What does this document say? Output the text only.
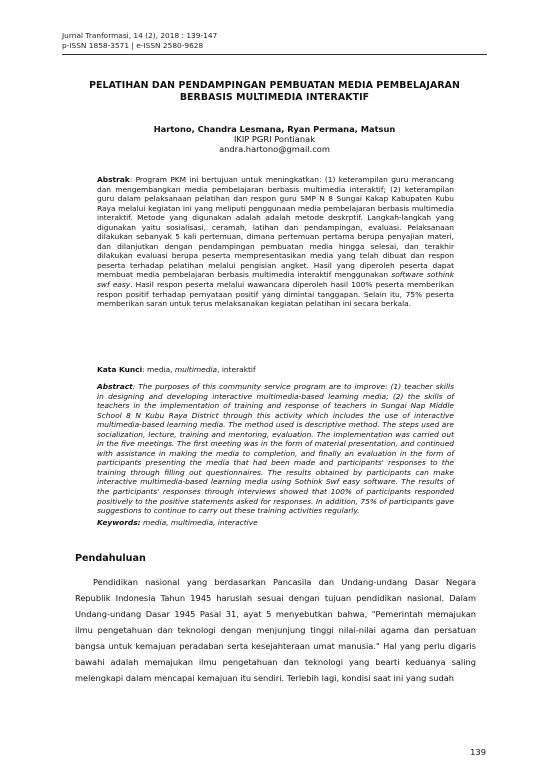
Jurnal Tranformasi, 14 (2), 2018 : 139-147
p-ISSN 1858-3571 | e-ISSN 2580-9628
PELATIHAN DAN PENDAMPINGAN PEMBUATAN MEDIA PEMBELAJARAN
BERBASIS MULTIMEDIA INTERAKTIF
Hartono, Chandra Lesmana, Ryan Permana, Matsun
IKIP PGRI Pontianak
andra.hartono@gmail.com
Abstrak: Program PKM ini bertujuan untuk meningkatkan: (1) keterampilan guru merancang dan mengembangkan media pembelajaran berbasis multimedia interaktif; (2) keterampilan guru dalam pelaksanaan pelatihan dan respon guru SMP N 8 Sungai Kakap Kabupaten Kubu Raya melalui kegiatan ini yang meliputi penggunaan media pembelajaran berbasis multimedia interaktif. Metode yang digunakan adalah adalah metode deskrptif. Langkah-langkah yang digunakan yaitu sosialisasi, ceramah, latihan dan pendampingan, evaluasi. Pelaksanaan dilakukan sebanyak 5 kali pertemuan, dimana pertemuan pertama berupa penyajian materi, dan dilanjutkan dengan pendampingan pembuatan media hingga selesai, dan terakhir dilakukan evaluasi berupa peserta mempresentasikan media yang telah dibuat dan respon peserta terhadap pelatihan melalui pengisian angket. Hasil yang diperoleh peserta dapat membuat media pembelajaran berbasis multimedia interaktif menggunakan software sothink swf easy. Hasil respon peserta melalui wawancara diperoleh hasil 100% peserta memberikan respon positif terhadap pernyataan positif yang dimintai tanggapan. Selain itu, 75% peserta memberikan saran untuk terus melaksanakan kegiatan pelatihan ini secara berkala.
Kata Kunci: media, multimedia, interaktif
Abstract: The purposes of this community service program are to improve: (1) teacher skills in designing and developing interactive multimedia-based learning media; (2) the skills of teachers in the implementation of training and response of teachers in Sungai Nap Middle School 8 N Kubu Raya District through this activity which includes the use of interactive multimedia-based learning media. The method used is descriptive method. The steps used are socialization, lecture, training and mentoring, evaluation. The implementation was carried out in the five meetings. The first meeting was in the form of material presentation, and continued with assistance in making the media to completion, and finally an evaluation in the form of participants presenting the media that had been made and participants' responses to the training through filling out questionnaires. The results obtained by participants can make interactive multimedia-based learning media using Sothink Swf easy software. The results of the participants' responses through interviews showed that 100% of participants responded positively to the positive statements asked for responses. In addition, 75% of participants gave suggestions to continue to carry out these training activities regularly.
Keywords: media, multimedia, interactive
Pendahuluan
Pendidikan nasional yang berdasarkan Pancasila dan Undang-undang Dasar Negara Republik Indonesia Tahun 1945 haruslah sesuai dengan tujuan pendidikan nasional. Dalam Undang-undang Dasar 1945 Pasal 31, ayat 5 menyebutkan bahwa, "Pemerintah memajukan ilmu pengetahuan dan teknologi dengan menjunjung tinggi nilai-nilai agama dan persatuan bangsa untuk kemajuan peradaban serta kesejahteraan umat manusia." Hal yang perlu digaris bawahi adalah memajukan ilmu pengetahuan dan teknologi yang bearti keduanya saling melengkapi dalam mencapai kemajuan itu sendiri. Terlebih lagi, kondisi saat ini yang sudah
139
